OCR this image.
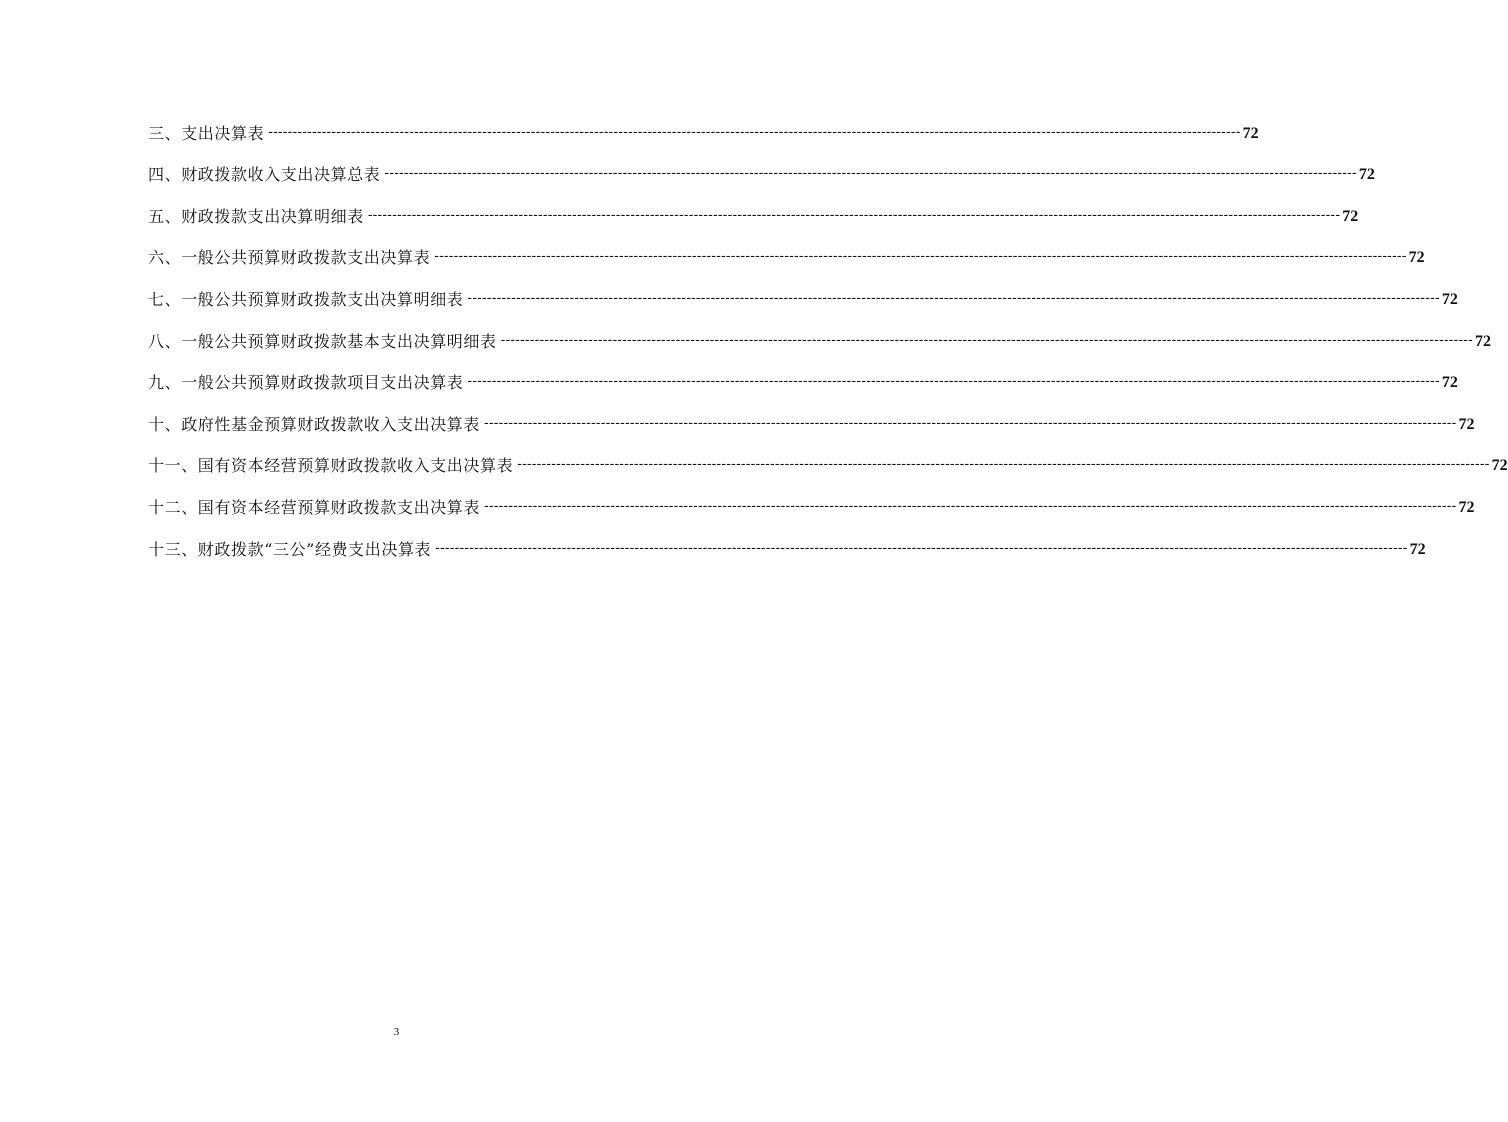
三、支出决算表 -------------------------------------------------------------------------------------------------------------------------------------------------------------------------------------------------------- 72
四、财政拨款收入支出决算总表 -------------------------------------------------------------------------------------------------------------------------------------------------------------------------------------------------------- 72
五、财政拨款支出决算明细表 -------------------------------------------------------------------------------------------------------------------------------------------------------------------------------------------------------- 72
六、一般公共预算财政拨款支出决算表 -------------------------------------------------------------------------------------------------------------------------------------------------------------------------------------------------------- 72
七、一般公共预算财政拨款支出决算明细表 -------------------------------------------------------------------------------------------------------------------------------------------------------------------------------------------------------- 72
八、一般公共预算财政拨款基本支出决算明细表 -------------------------------------------------------------------------------------------------------------------------------------------------------------------------------------------------------- 72
九、一般公共预算财政拨款项目支出决算表 -------------------------------------------------------------------------------------------------------------------------------------------------------------------------------------------------------- 72
十、政府性基金预算财政拨款收入支出决算表 -------------------------------------------------------------------------------------------------------------------------------------------------------------------------------------------------------- 72
十一、国有资本经营预算财政拨款收入支出决算表 -------------------------------------------------------------------------------------------------------------------------------------------------------------------------------------------------------- 72
十二、国有资本经营预算财政拨款支出决算表 -------------------------------------------------------------------------------------------------------------------------------------------------------------------------------------------------------- 72
十三、财政拨款“三公”经费支出决算表 -------------------------------------------------------------------------------------------------------------------------------------------------------------------------------------------------------- 72
3
